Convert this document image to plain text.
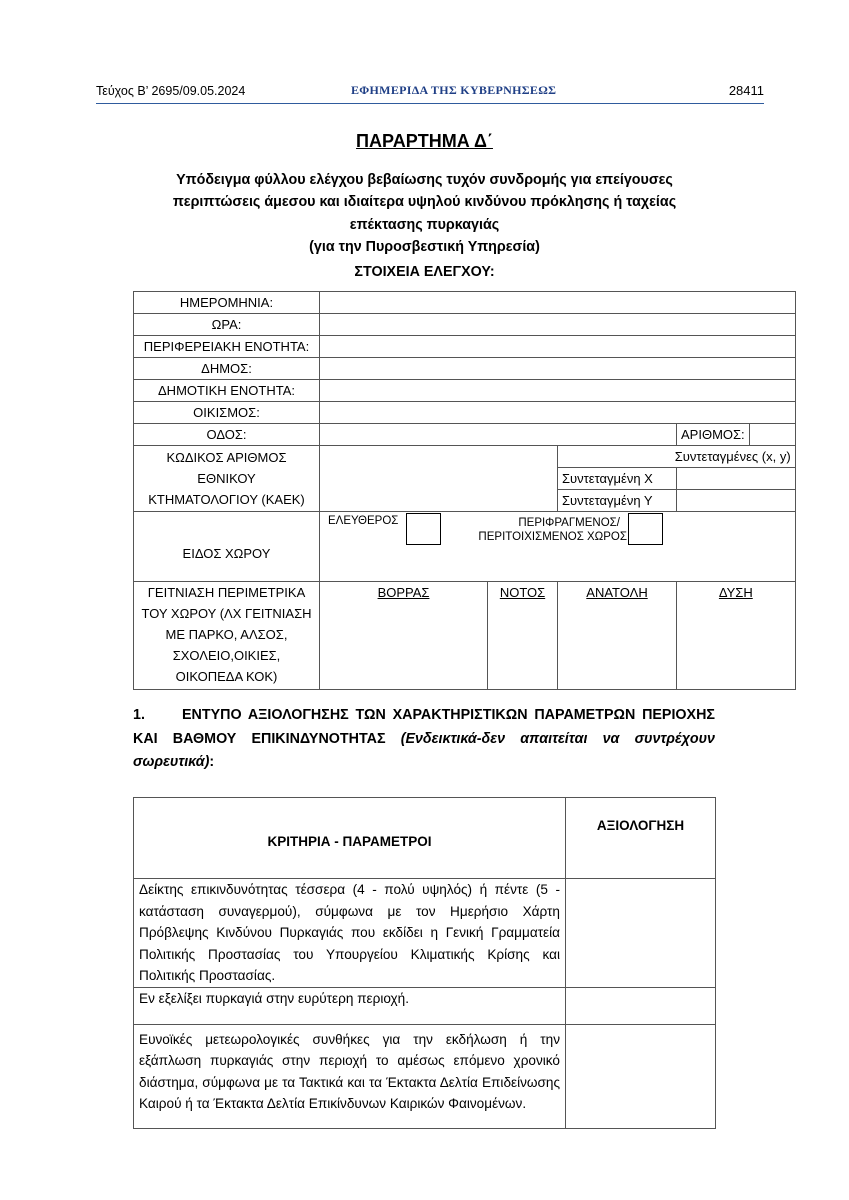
Τεύχος Β’ 2695/09.05.2024	ΕΦΗΜΕΡΙΔΑ ΤΗΣ ΚΥΒΕΡΝΗΣΕΩΣ	28411
ΠΑΡΑΡΤΗΜΑ Δ΄
Υπόδειγμα φύλλου ελέγχου βεβαίωσης τυχόν συνδρομής για επείγουσες
περιπτώσεις άμεσου και ιδιαίτερα υψηλού κινδύνου πρόκλησης ή ταχείας
επέκτασης πυρκαγιάς
(για την Πυροσβεστική Υπηρεσία)
ΣΤΟΙΧΕΙΑ ΕΛΕΓΧΟΥ:
ΗΜΕΡΟΜΗΝΙΑ:					
ΩΡΑ:					
ΠΕΡΙΦΕΡΕΙΑΚΗ ΕΝΟΤΗΤΑ:					
ΔΗΜΟΣ:					
ΔΗΜΟΤΙΚΗ ΕΝΟΤΗΤΑ:					
ΟΙΚΙΣΜΟΣ:					
ΟΔΟΣ:				ΑΡΙΘΜΟΣ:	

ΚΩΔΙΚΟΣ ΑΡΙΘΜΟΣ
ΕΘΝΙΚΟΥ
ΚΤΗΜΑΤΟΛΟΓΙΟΥ (ΚΑΕΚ)			Συντεταγμένες (x, y)		
			Συντεταγμένη Χ		
			Συντεταγμένη Υ		
ΕΙΔΟΣ ΧΩΡΟΥ	ΕΛΕΥΘΕΡΟΣ ΠΕΡΙΦΡΑΓΜΕΝΟΣ/
ΠΕΡΙΤΟΙΧΙΣΜΕΝΟΣ ΧΩΡΟΣ				

ΓΕΙΤΝΙΑΣΗ ΠΕΡΙΜΕΤΡΙΚΑ
ΤΟΥ ΧΩΡΟΥ (ΛΧ ΓΕΙΤΝΙΑΣΗ
ΜΕ ΠΑΡΚΟ, ΑΛΣΟΣ,
ΣΧΟΛΕΙΟ,ΟΙΚΙΕΣ,
ΟΙΚΟΠΕΔΑ ΚΟΚ)	ΒΟΡΡΑΣ	ΝΟΤΟΣ	ΑΝΑΤΟΛΗ	ΔΥΣΗ	
1.	ΕΝΤΥΠΟ ΑΞΙΟΛΟΓΗΣΗΣ ΤΩΝ ΧΑΡΑΚΤΗΡΙΣΤΙΚΩΝ ΠΑΡΑΜΕΤΡΩΝ ΠΕΡΙΟΧΗΣ ΚΑΙ ΒΑΘΜΟΥ ΕΠΙΚΙΝΔΥΝΟΤΗΤΑΣ (Ενδεικτικά-δεν απαιτείται να συντρέχουν σωρευτικά):
ΚΡΙΤΗΡΙΑ - ΠΑΡΑΜΕΤΡΟΙ	ΑΞΙΟΛΟΓΗΣΗ
Δείκτης επικινδυνότητας τέσσερα (4 - πολύ υψηλός) ή πέντε (5 - κατάσταση συναγερμού), σύμφωνα με τον Ημερήσιο Χάρτη Πρόβλεψης Κινδύνου Πυρκαγιάς που εκδίδει η Γενική Γραμματεία Πολιτικής Προστασίας του Υπουργείου Κλιματικής Κρίσης και Πολιτικής Προστασίας.	
Εν εξελίξει πυρκαγιά στην ευρύτερη περιοχή.	
Ευνοϊκές μετεωρολογικές συνθήκες για την εκδήλωση ή την εξάπλωση πυρκαγιάς στην περιοχή το αμέσως επόμενο χρονικό διάστημα, σύμφωνα με τα Τακτικά και τα Έκτακτα Δελτία Επιδείνωσης Καιρού ή τα Έκτακτα Δελτία Επικίνδυνων Καιρικών Φαινομένων.	
